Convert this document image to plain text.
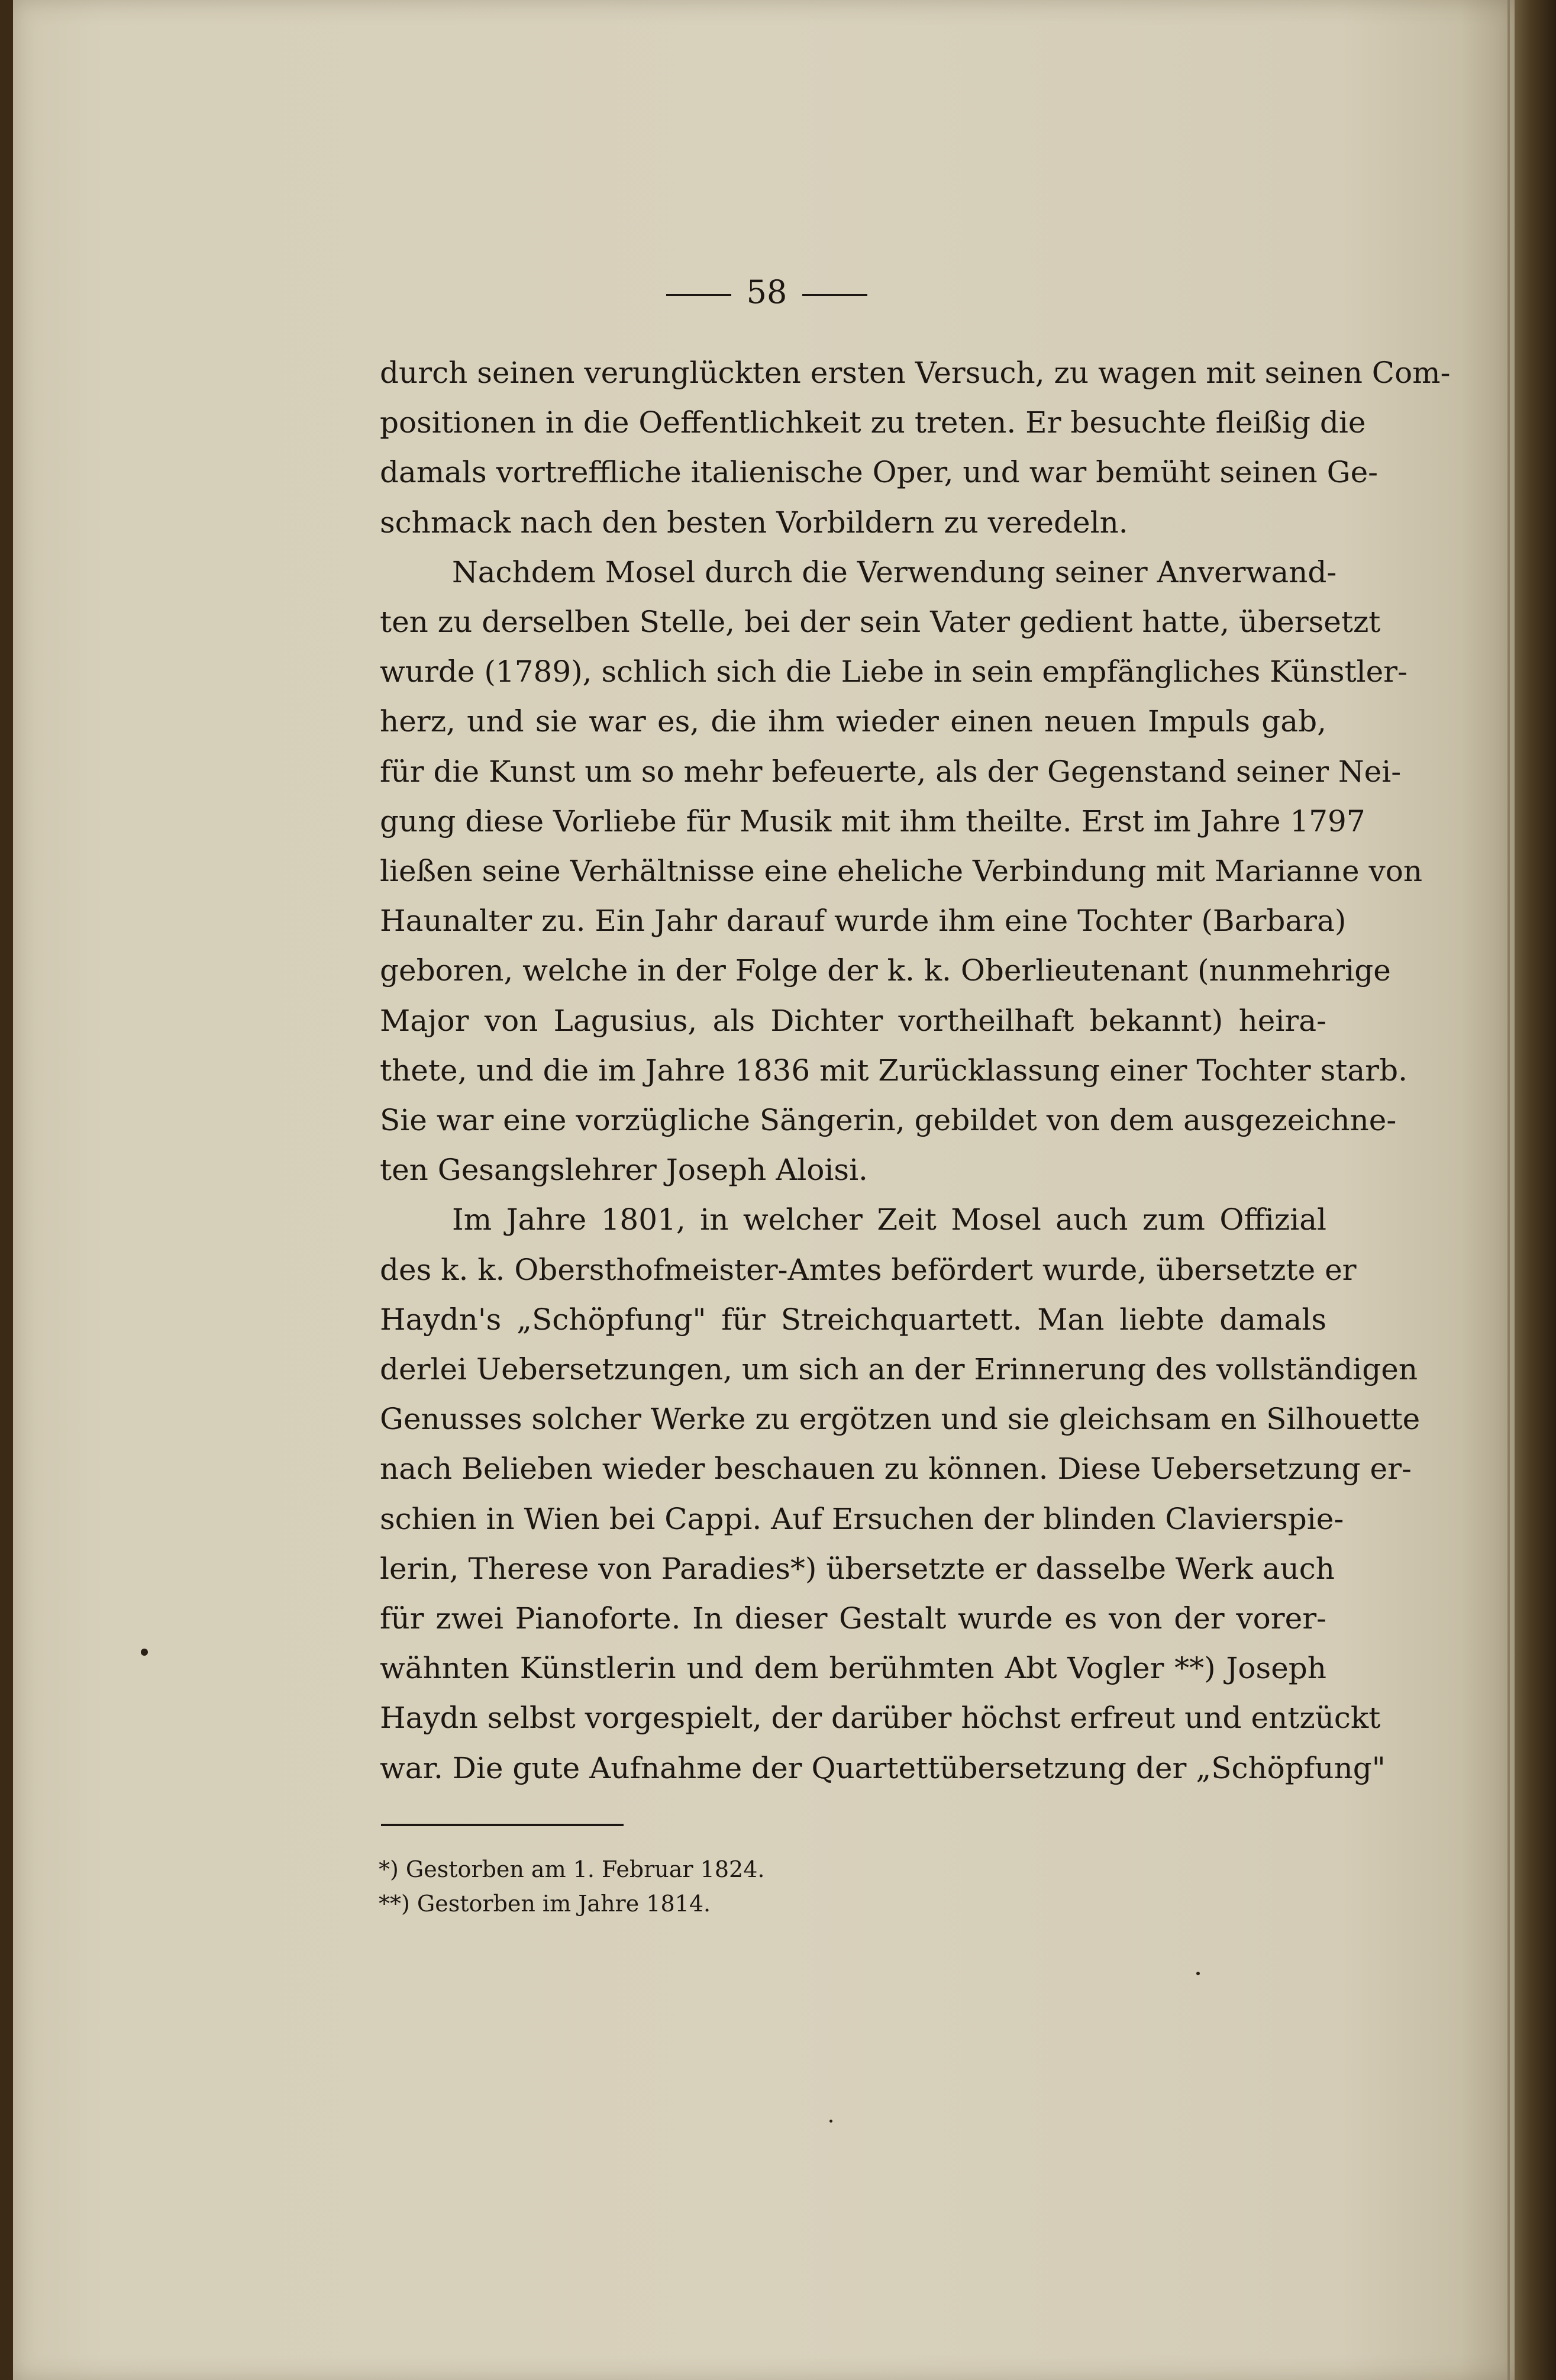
58

durch seinen verunglückten ersten Versuch, zu wagen mit seinen Com-
positionen in die Oeffentlichkeit zu treten. Er besuchte fleißig die
damals vortreffliche italienische Oper, und war bemüht seinen Ge-
schmack nach den besten Vorbildern zu veredeln.

Nachdem Mosel durch die Verwendung seiner Anverwand-
ten zu derselben Stelle, bei der sein Vater gedient hatte, übersetzt
wurde (1789), schlich sich die Liebe in sein empfängliches Künstler-
herz, und sie war es, die ihm wieder einen neuen Impuls gab,
für die Kunst um so mehr befeuerte, als der Gegenstand seiner Nei-
gung diese Vorliebe für Musik mit ihm theilte. Erst im Jahre 1797
ließen seine Verhältnisse eine eheliche Verbindung mit Marianne von
Haunalter zu. Ein Jahr darauf wurde ihm eine Tochter (Barbara)
geboren, welche in der Folge der k. k. Oberlieutenant (nunmehrige
Major von Lagusius, als Dichter vortheilhaft bekannt) heira-
thete, und die im Jahre 1836 mit Zurücklassung einer Tochter starb.
Sie war eine vorzügliche Sängerin, gebildet von dem ausgezeichne-
ten Gesangslehrer Joseph Aloisi.

Im Jahre 1801, in welcher Zeit Mosel auch zum Offizial
des k. k. Obersthofmeister-Amtes befördert wurde, übersetzte er
Haydn's „Schöpfung" für Streichquartett. Man liebte damals
derlei Uebersetzungen, um sich an der Erinnerung des vollständigen
Genusses solcher Werke zu ergötzen und sie gleichsam en Silhouette
nach Belieben wieder beschauen zu können. Diese Uebersetzung er-
schien in Wien bei Cappi. Auf Ersuchen der blinden Clavierspie-
lerin, Therese von Paradies*) übersetzte er dasselbe Werk auch
für zwei Pianoforte. In dieser Gestalt wurde es von der vorer-
wähnten Künstlerin und dem berühmten Abt Vogler **) Joseph
Haydn selbst vorgespielt, der darüber höchst erfreut und entzückt
war. Die gute Aufnahme der Quartettübersetzung der „Schöpfung"

*) Gestorben am 1. Februar 1824.

**) Gestorben im Jahre 1814.
